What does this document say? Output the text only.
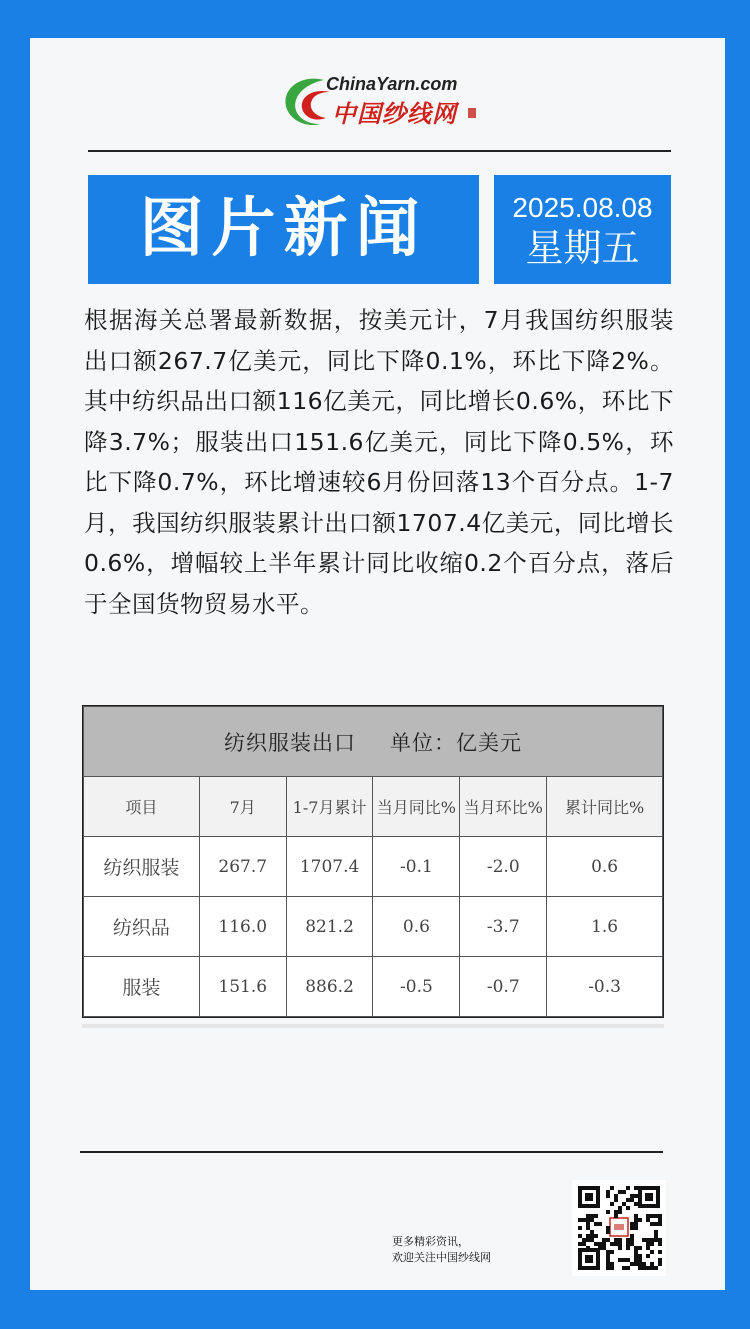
ChinaYarn.com
中国纱线网
图片新闻	2025.08.08
星期五
根据海关总署最新数据，按美元计，7月我国纺织服装出口额267.7亿美元，同比下降0.1%，环比下降2%。其中纺织品出口额116亿美元，同比增长0.6%，环比下降3.7%；服装出口151.6亿美元，同比下降0.5%，环比下降0.7%，环比增速较6月份回落13个百分点。1-7月，我国纺织服装累计出口额1707.4亿美元，同比增长0.6%，增幅较上半年累计同比收缩0.2个百分点，落后于全国货物贸易水平。
纺织服装出口 单位：亿美元					
项目	7月	1-7月累计	当月同比%	当月环比%	累计同比%
纺织服装	267.7	1707.4	-0.1	-2.0	0.6
纺织品	116.0	821.2	0.6	-3.7	1.6
服装	151.6	886.2	-0.5	-0.7	-0.3
更多精彩资讯，
欢迎关注中国纱线网
